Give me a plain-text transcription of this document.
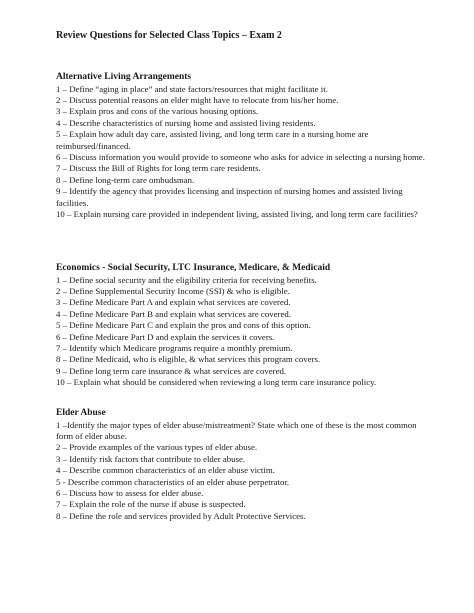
Review Questions for Selected Class Topics – Exam 2

Alternative Living Arrangements

1 – Define “aging in place” and state factors/resources that might facilitate it.

2 – Discuss potential reasons an elder might have to relocate from his/her home.

3 – Explain pros and cons of the various housing options.

4 – Describe characteristics of nursing home and assisted living residents.

5 – Explain how adult day care, assisted living, and long term care in a nursing home are reimbursed/financed.

6 – Discuss information you would provide to someone who asks for advice in selecting a nursing home.

7 – Discuss the Bill of Rights for long term care residents.

8 – Define long-term care ombudsman.

9 – Identify the agency that provides licensing and inspection of nursing homes and assisted living facilities.

10 – Explain nursing care provided in independent living, assisted living, and long term care facilities?

Economics - Social Security, LTC Insurance, Medicare, & Medicaid

1 – Define social security and the eligibility criteria for receiving benefits.

2 – Define Supplemental Security Income (SSI) & who is eligible.

3 – Define Medicare Part A and explain what services are covered.

4 – Define Medicare Part B and explain what services are covered.

5 – Define Medicare Part C and explain the pros and cons of this option.

6 – Define Medicare Part D and explain the services it covers.

7 – Identify which Medicare programs require a monthly premium.

8 – Define Medicaid, who is eligible, & what services this program covers.

9 – Define long term care insurance & what services are covered.

10 – Explain what should be considered when reviewing a long term care insurance policy.

Elder Abuse

1 –Identify the major types of elder abuse/mistreatment? State which one of these is the most common form of elder abuse.

2 – Provide examples of the various types of elder abuse.

3 – Identify risk factors that contribute to elder abuse.

4 – Describe common characteristics of an elder abuse victim.

5 - Describe common characteristics of an elder abuse perpetrator.

6 – Discuss how to assess for elder abuse.

7 – Explain the role of the nurse if abuse is suspected.

8 – Define the role and services provided by Adult Protective Services.
